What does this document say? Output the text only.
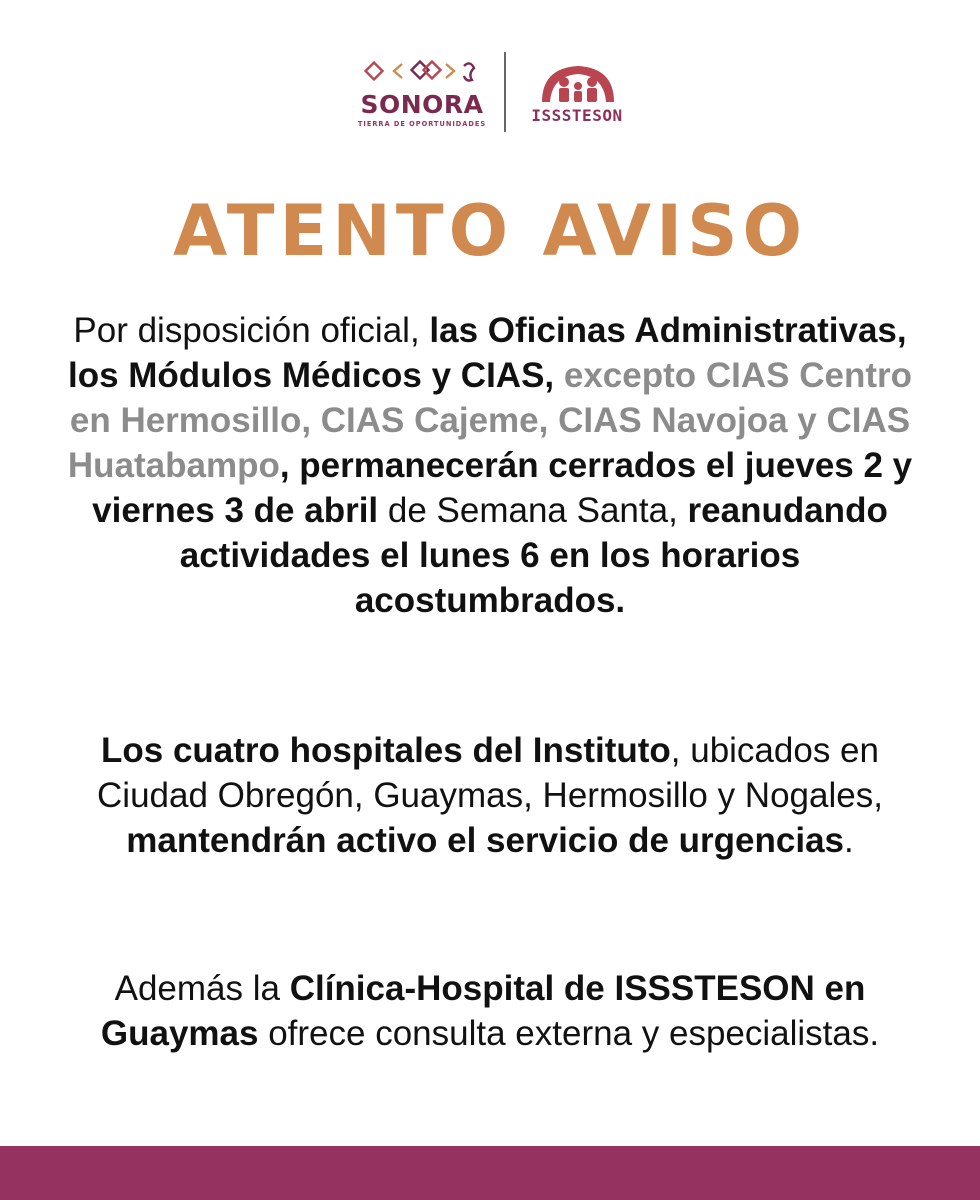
SONORA
TIERRA DE OPORTUNIDADES	ISSSTESON
ATENTO AVISO
Por disposición oficial, las Oficinas Administrativas, los Módulos Médicos y CIAS, excepto CIAS Centro en Hermosillo, CIAS Cajeme, CIAS Navojoa y CIAS Huatabampo, permanecerán cerrados el jueves 2 y viernes 3 de abril de Semana Santa, reanudando actividades el lunes 6 en los horarios acostumbrados.
Los cuatro hospitales del Instituto, ubicados en Ciudad Obregón, Guaymas, Hermosillo y Nogales, mantendrán activo el servicio de urgencias.
Además la Clínica-Hospital de ISSSTESON en Guaymas ofrece consulta externa y especialistas.
